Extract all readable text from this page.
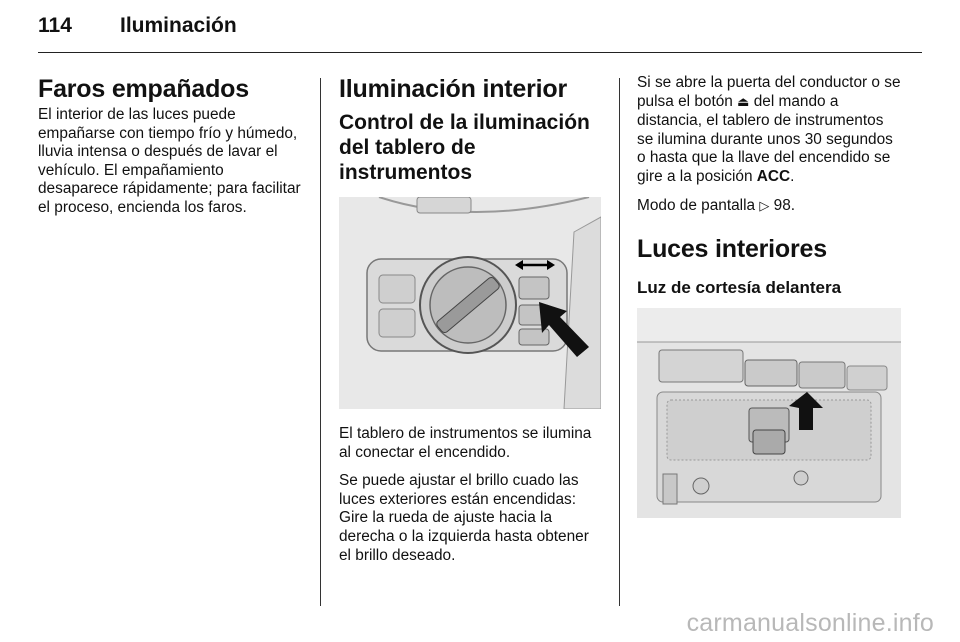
114 Iluminación
Faros empañados

El interior de las luces puede empañarse con tiempo frío y húmedo, lluvia intensa o después de lavar el vehículo. El empañamiento desaparece rápidamente; para facilitar el proceso, encienda los faros.

Iluminación interior
Control de la iluminación del tablero de instrumentos

El tablero de instrumentos se ilumina al conectar el encendido.

Se puede ajustar el brillo cuado las luces exteriores están encendidas: Gire la rueda de ajuste hacia la derecha o la izquierda hasta obtener el brillo deseado.

Si se abre la puerta del conductor o se pulsa el botón ⏏ del mando a distancia, el tablero de instrumentos se ilumina durante unos 30 segundos
o hasta que la llave del encendido se gire a la posición ACC.

Modo de pantalla ▷ 98.

Luces interiores
Luz de cortesía delantera
carmanualsonline.info
